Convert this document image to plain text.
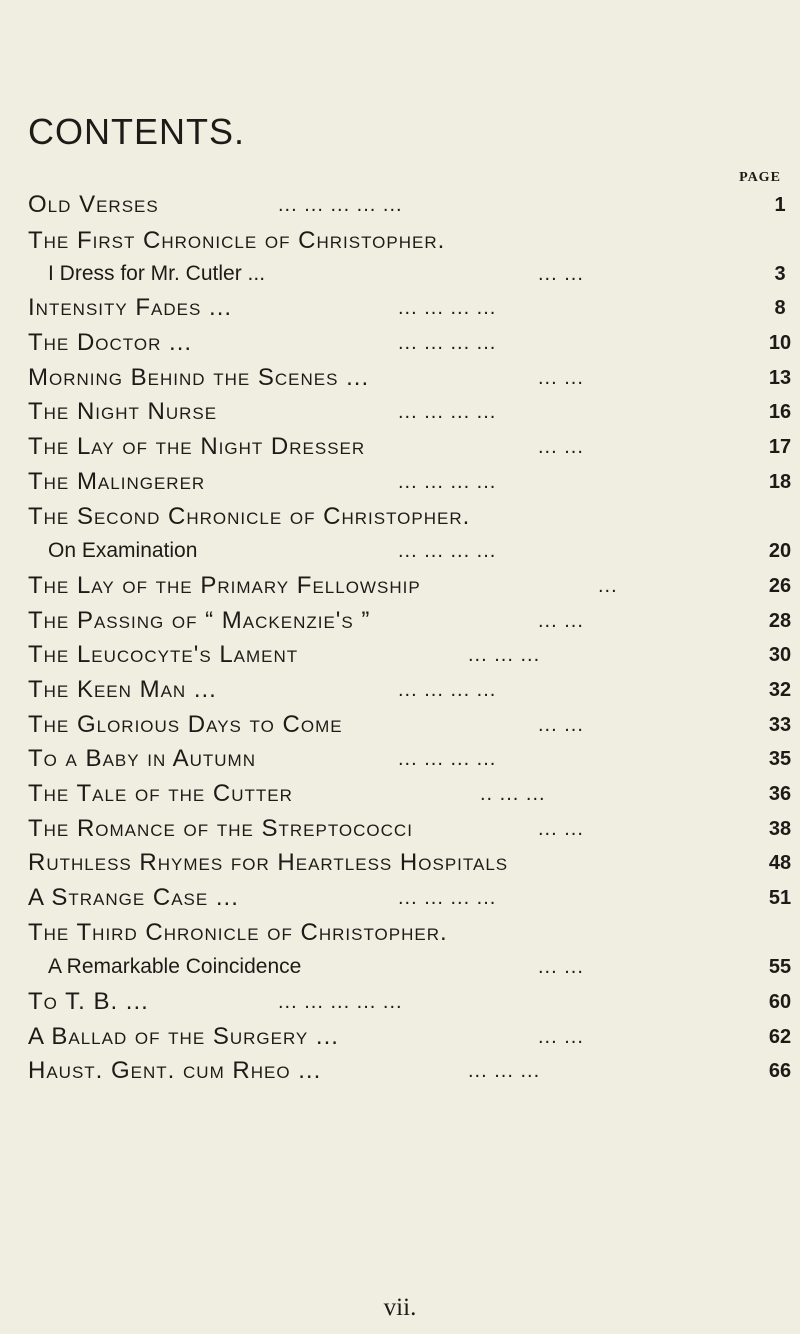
CONTENTS.
PAGE
Old Verses	... ... ... ... ...	1
The First Chronicle of Christopher.
I Dress for Mr. Cutler ...	... ...	3
Intensity Fades ...	... ... ... ...	8
The Doctor ...	... ... ... ...	10
Morning Behind the Scenes ...	... ...	13
The Night Nurse	... ... ... ...	16
The Lay of the Night Dresser	... ...	17
The Malingerer	... ... ... ...	18
The Second Chronicle of Christopher.
On Examination	... ... ... ...	20
The Lay of the Primary Fellowship	...	26
The Passing of “ Mackenzie's ”	... ...	28
The Leucocyte's Lament	... ... ...	30
The Keen Man ...	... ... ... ...	32
The Glorious Days to Come	... ...	33
To a Baby in Autumn	... ... ... ...	35
The Tale of the Cutter	.. ... ...	36
The Romance of the Streptococci	... ...	38
Ruthless Rhymes for Heartless Hospitals	48
A Strange Case ...	... ... ... ...	51
The Third Chronicle of Christopher.
A Remarkable Coincidence	... ...	55
To T. B. ...	... ... ... ... ...	60
A Ballad of the Surgery ...	... ...	62
Haust. Gent. cum Rheo ...	... ... ...	66
vii.
